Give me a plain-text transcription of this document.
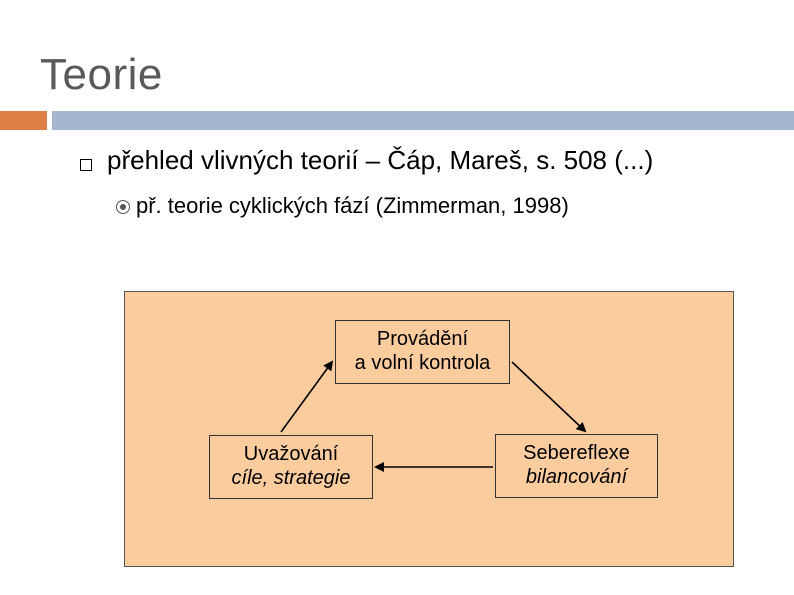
Teorie
přehled vlivných teorií – Čáp, Mareš, s. 508 (...)
př. teorie cyklických fází (Zimmerman, 1998)
Provádění
a volní kontrola
Uvažování
cíle, strategie
Sebereflexe
bilancování
